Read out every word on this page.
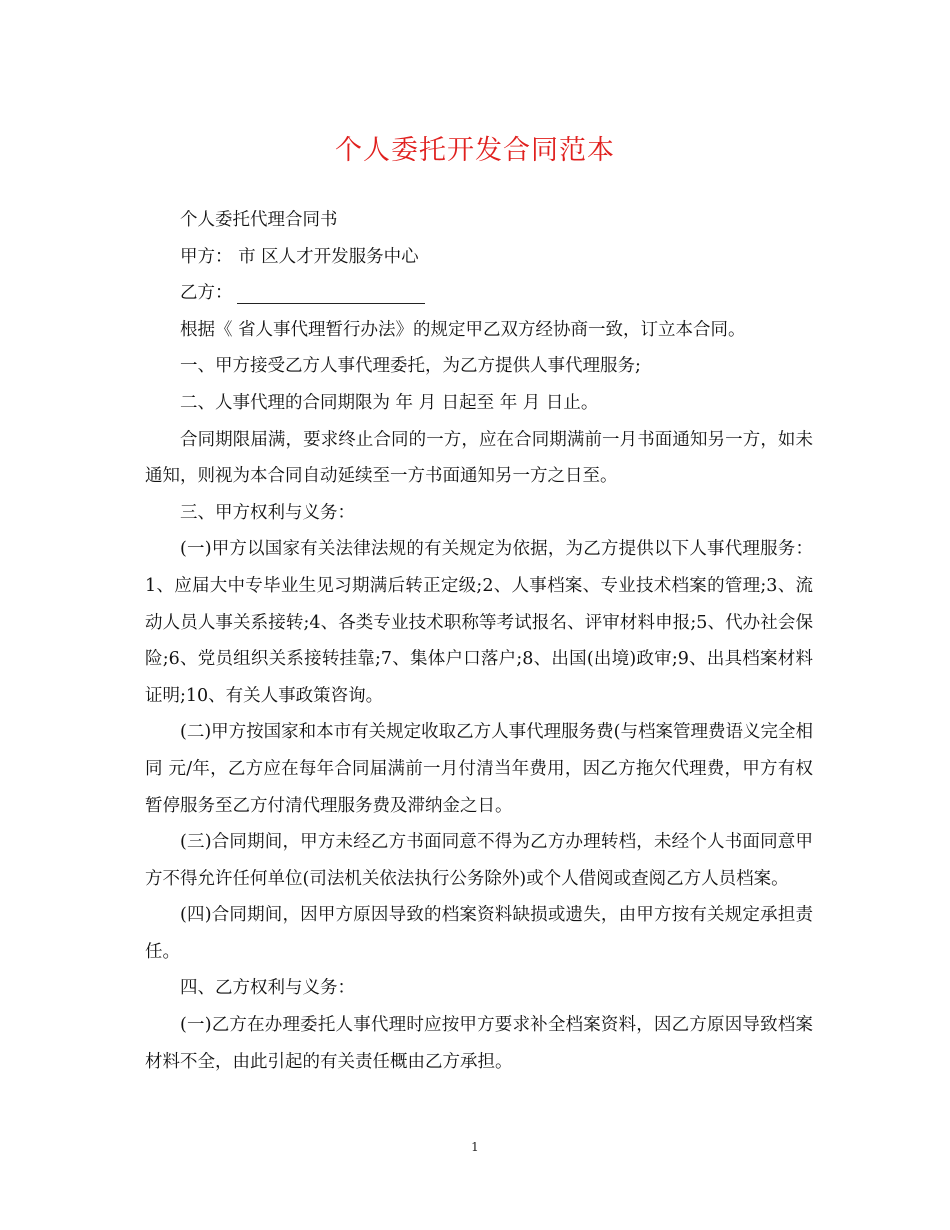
个人委托开发合同范本

个人委托代理合同书

甲方： 市 区人才开发服务中心

乙方：

根据《 省人事代理暂行办法》的规定甲乙双方经协商一致，订立本合同。

一、甲方接受乙方人事代理委托，为乙方提供人事代理服务;

二、人事代理的合同期限为 年 月 日起至 年 月 日止。

合同期限届满，要求终止合同的一方，应在合同期满前一月书面通知另一方，如未通知，则视为本合同自动延续至一方书面通知另一方之日至。

三、甲方权利与义务：

(一)甲方以国家有关法律法规的有关规定为依据，为乙方提供以下人事代理服务：1、应届大中专毕业生见习期满后转正定级;2、人事档案、专业技术档案的管理;3、流动人员人事关系接转;4、各类专业技术职称等考试报名、评审材料申报;5、代办社会保险;6、党员组织关系接转挂靠;7、集体户口落户;8、出国(出境)政审;9、出具档案材料证明;10、有关人事政策咨询。

(二)甲方按国家和本市有关规定收取乙方人事代理服务费(与档案管理费语义完全相同 元/年，乙方应在每年合同届满前一月付清当年费用，因乙方拖欠代理费，甲方有权暂停服务至乙方付清代理服务费及滞纳金之日。

(三)合同期间，甲方未经乙方书面同意不得为乙方办理转档，未经个人书面同意甲方不得允许任何单位(司法机关依法执行公务除外)或个人借阅或查阅乙方人员档案。

(四)合同期间，因甲方原因导致的档案资料缺损或遗失，由甲方按有关规定承担责任。

四、乙方权利与义务：

(一)乙方在办理委托人事代理时应按甲方要求补全档案资料，因乙方原因导致档案材料不全，由此引起的有关责任概由乙方承担。

1
